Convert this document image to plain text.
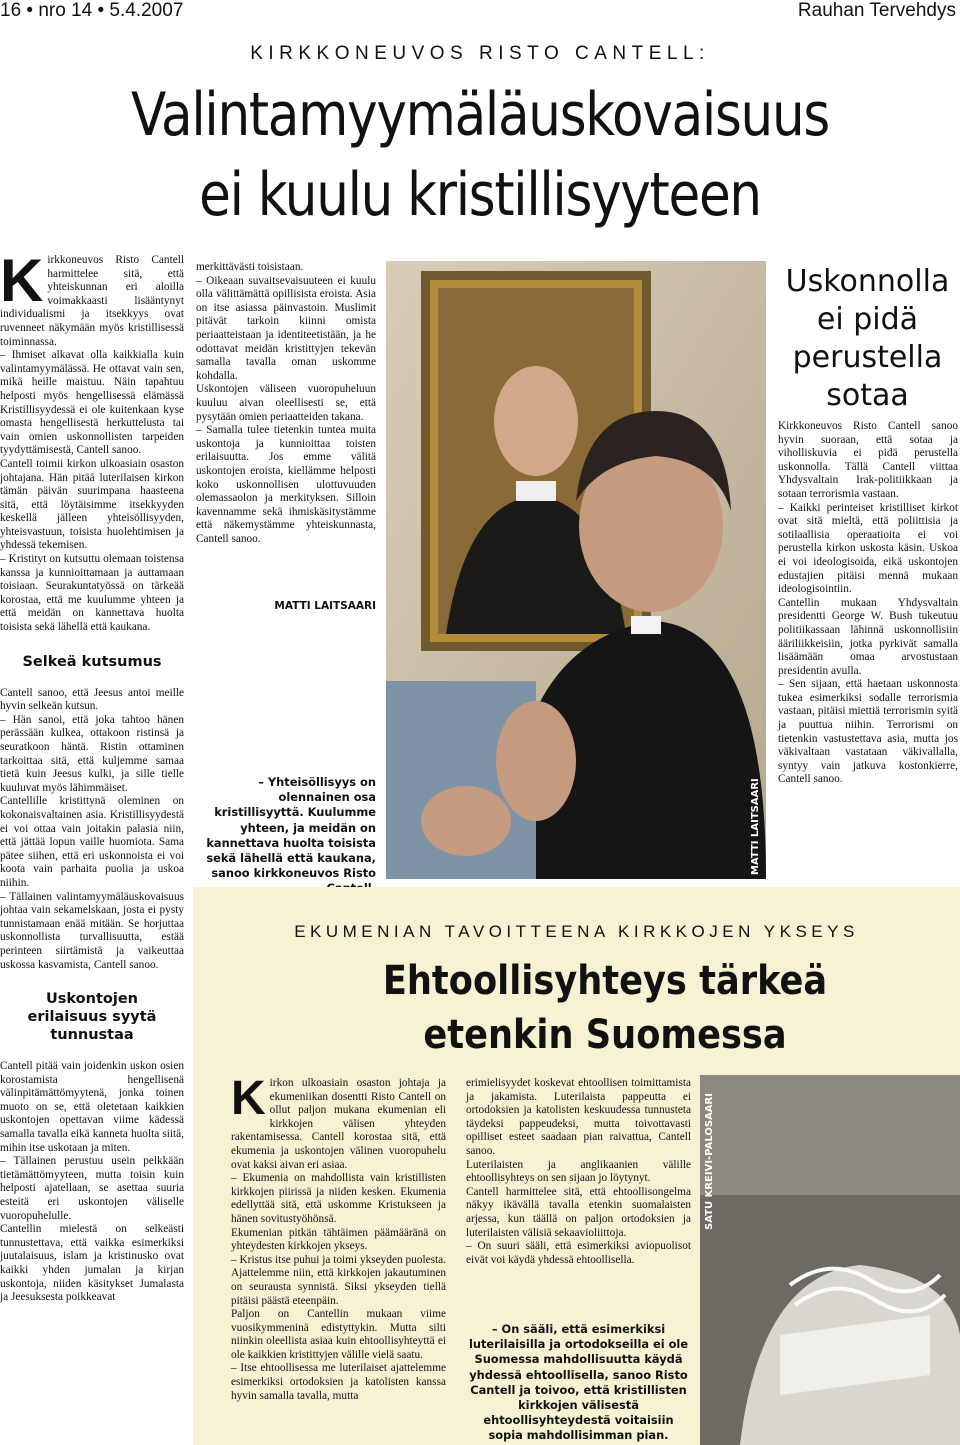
16 • nro 14 • 5.4.2007	Rauhan Tervehdys
KIRKKONEUVOS RISTO CANTELL:
Valintamyymäläuskovaisuus
ei kuulu kristillisyyteen
K irkkoneuvos Risto Cantell harmittelee sitä, että yhteiskunnan eri aloilla voimakkaasti lisääntynyt individualismi ja itsekkyys ovat ruvenneet näkymään myös kristillisessä toiminnassa.

– Ihmiset alkavat olla kaikkialla kuin valintamyymälässä. He ottavat vain sen, mikä heille maistuu. Näin tapahtuu helposti myös hengellisessä elämässä Kristillisyydessä ei ole kuitenkaan kyse omasta hengellisestä herkuttelusta tai vain omien uskonnollisten tarpeiden tyydyttämisestä, Cantell sanoo.

Cantell toimii kirkon ulkoasiain osaston johtajana. Hän pitää luterilaisen kirkon tämän päivän suurimpana haasteena sitä, että löytäisimme itsekkyyden keskellä jälleen yhteisöllisyyden, yhteisvastuun, toisista huolehtimisen ja yhdessä tekemisen.

– Kristityt on kutsuttu olemaan toistensa kanssa ja kunnioittamaan ja auttamaan toisiaan. Seurakuntatyössä on tärkeää korostaa, että me kuulumme yhteen ja että meidän on kannettava huolta toisista sekä lähellä että kaukana.

Selkeä kutsumus

Cantell sanoo, että Jeesus antoi meille hyvin selkeän kutsun.

– Hän sanoi, että joka tahtoo hänen perässään kulkea, ottakoon ristinsä ja seuratkoon häntä. Ristin ottaminen tarkoittaa sitä, että kuljemme samaa tietä kuin Jeesus kulki, ja sille tielle kuuluvat myös lähimmäiset.

Cantellille kristittynä oleminen on kokonaisvaltainen asia. Kristillisyydestä ei voi ottaa vain joitakin palasia niin, että jättää lopun vaille huomiota. Sama pätee siihen, että eri uskonnoista ei voi koota vain parhaita puolia ja uskoa niihin.

– Tällainen valintamyymäläuskovaisuus johtaa vain sekamelskaan, josta ei pysty tunnistamaan enää mitään. Se horjuttaa uskonnollista turvallisuutta, estää perinteen siirtämistä ja vaikeuttaa uskossa kasvamista, Cantell sanoo.

Uskontojen erilaisuus syytä tunnustaa

Cantell pitää vain joidenkin uskon osien korostamista hengellisenä välinpitämättömyytenä, jonka toinen muoto on se, että oletetaan kaikkien uskontojen opettavan viime kädessä samalla tavalla eikä kanneta huolta siitä, mihin itse uskotaan ja miten.

– Tällainen perustuu usein pelkkään tietämättömyyteen, mutta toisin kuin helposti ajatellaan, se asettaa suuria esteitä eri uskontojen väliselle vuoropuhelulle.

Cantellin mielestä on selkeästi tunnustettava, että vaikka esimerkiksi juutalaisuus, islam ja kristinusko ovat kaikki yhden jumalan ja kirjan uskontoja, niiden käsitykset Jumalasta ja Jeesuksesta poikkeavat

merkittävästi toisistaan.

– Oikeaan suvaitsevaisuuteen ei kuulu olla välittämättä opillisista eroista. Asia on itse asiassa päinvastoin. Muslimit pitävät tarkoin kiinni omista periaatteistaan ja identiteetistään, ja he odottavat meidän kristittyjen tekevän samalla tavalla oman uskomme kohdalla.

Uskontojen väliseen vuoropuheluun kuuluu aivan oleellisesti se, että pysytään omien periaatteiden takana.

– Samalla tulee tietenkin tuntea muita uskontoja ja kunnioittaa toisten erilaisuutta. Jos emme välitä uskontojen eroista, kiellämme helposti koko uskonnollisen ulottuvuuden olemassaolon ja merkityksen. Silloin kavennamme sekä ihmiskäsitystämme että näkemystämme yhteiskunnasta, Cantell sanoo.

MATTI LAITSAARI
– Yhteisöllisyys on olennainen osa kristillisyyttä. Kuulumme yhteen, ja meidän on kannettava huolta toisista sekä lähellä että kaukana, sanoo kirkkoneuvos Risto	MATTI LAITSAARI
Uskonnolla ei pidä perustella sotaa

Kirkkoneuvos Risto Cantell sanoo hyvin suoraan, että sotaa ja viholliskuvia ei pidä perustella uskonnolla. Tällä Cantell viittaa Yhdysvaltain Irak-politiikkaan ja sotaan terrorismia vastaan.

– Kaikki perinteiset kristilliset kirkot ovat sitä mieltä, että poliittisia ja sotilaallisia operaatioita ei voi perustella kirkon uskosta käsin. Uskoa ei voi ideologisoida, eikä uskontojen edustajien pitäisi mennä mukaan ideologisointiin.

Cantellin mukaan Yhdysvaltain presidentti George W. Bush tukeutuu politiikassaan lähinnä uskonnollisiin ääriliikkeisiin, jotka pyrkivät samalla lisäämään omaa arvostustaan presidentin avulla.

– Sen sijaan, että haetaan uskonnosta tukea esimerkiksi sodalle terrorismia vastaan, pitäisi miettiä terrorismin syitä ja puuttua niihin. Terrorismi on tietenkin vastustettava asia, mutta jos väkivaltaan vastataan väkivallalla, syntyy vain jatkuva kostonkierre, Cantell sanoo.

EKUMENIAN TAVOITTEENA KIRKKOJEN YKSEYS
Ehtoollisyhteys tärkeä
etenkin Suomessa
K irkon ulkoasiain osaston johtaja ja ekumeniikan dosentti Risto Cantell on ollut paljon mukana ekumenian eli kirkkojen välisen yhteyden rakentamisessa. Cantell korostaa sitä, että ekumenia ja uskontojen välinen vuoropuhelu ovat kaksi aivan eri asiaa.

– Ekumenia on mahdollista vain kristillisten kirkkojen piirissä ja niiden kesken. Ekumenia edellyttää sitä, että uskomme Kristukseen ja hänen sovitustyöhönsä.

Ekumenian pitkän tähtäimen päämääränä on yhteydesten kirkkojen ykseys.

– Kristus itse puhui ja toimi ykseyden puolesta. Ajattelemme niin, että kirkkojen jakautuminen on seurausta synnistä. Siksi ykseyden tiellä pitäisi päästä eteenpäin.

Paljon on Cantellin mukaan viime vuosikymmeninä edistyttykin. Mutta silti niinkin oleellista asiaa kuin ehtoollisyhteyttä ei ole kaikkien kristittyjen välille vielä saatu.

– Itse ehtoollisessa me luterilaiset ajattelemme esimerkiksi ortodoksien ja katolisten kanssa hyvin samalla tavalla, mutta

erimielisyydet koskevat ehtoollisen toimittamista ja jakamista. Luterilaista pappeutta ei ortodoksien ja katolisten keskuudessa tunnusteta täydeksi pappeudeksi, mutta toivottavasti opilliset esteet saadaan pian raivattua, Cantell sanoo.

Luterilaisten ja anglikaanien välille ehtoollisyhteys on sen sijaan jo löytynyt.

Cantell harmittelee sitä, että ehtoollisongelma näkyy ikävällä tavalla etenkin suomalaisten arjessa, kun täällä on paljon ortodoksien ja luterilaisten välisiä sekaavioliittoja.

– On suuri sääli, että esimerkiksi aviopuolisot eivät voi käydä yhdessä ehtoollisella.

– On sääli, että esimerkiksi luterilaisilla ja ortodokseilla ei ole Suomessa mahdollisuutta käydä yhdessä ehtoollisella, sanoo Risto Cantell ja toivoo, että kristillisten kirkkojen välisestä ehtoollisyhteydestä voitaisiin sopia mahdollisimman pian.
SATU KREIVI-PALOSAARI
